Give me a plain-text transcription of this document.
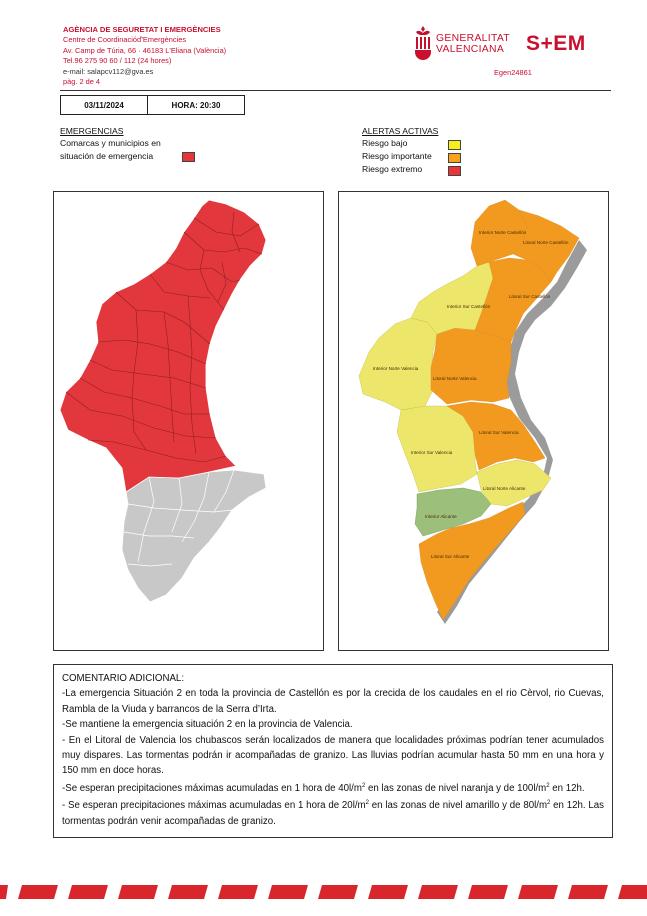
AGÈNCIA DE SEGURETAT I EMERGÈNCIES
Centre de Coordinacióď'Emergències
Av. Camp de Túria, 66 · 46183 L'Eliana (València)
Tel.96 275 90 60 / 112 (24 hores)
e-mail: salapcv112@gva.es
pàg. 2 de 4
GENERALITAT
VALENCIANA S+EM
Egen24861
03/11/2024	HORA: 20:30
EMERGENCIAS
Comarcas y municipios en
situación de emergencia
ALERTAS ACTIVAS
Riesgo bajo
Riesgo importante
Riesgo extremo
Interior Norte Castellón
Litoral Norte Castellón
Interior Sur Castellón
Litoral Sur Castellón
Interior Norte Valencia
Litoral Norte Valencia
Litoral Sur Valencia
Interior Sur Valencia
Litoral Norte Alicante
Interior Alicante
Litoral Sur Alicante

COMENTARIO ADICIONAL:

-La emergencia Situación 2 en toda la provincia de Castellón es por la crecida de los caudales en el rio Cèrvol, rio Cuevas, Rambla de la Viuda y barrancos de la Serra d’Irta.

-Se mantiene la emergencia situación 2 en la provincia de Valencia.

- En el Litoral de Valencia los chubascos serán localizados de manera que localidades próximas podrían tener acumulados muy dispares. Las tormentas podrán ir acompañadas de granizo. Las lluvias podrían acumular hasta 50 mm en una hora y 150 mm en doce horas.

-Se esperan precipitaciones máximas acumuladas en 1 hora de $40l/m^2$ en las zonas de nivel naranja y de $100l/m^2$ en 12h.

- Se esperan precipitaciones máximas acumuladas en 1 hora de $20l/m^2$ en las zonas de nivel amarillo y de $80l/m^2$ en 12h. Las tormentas podrán venir acompañadas de granizo.
